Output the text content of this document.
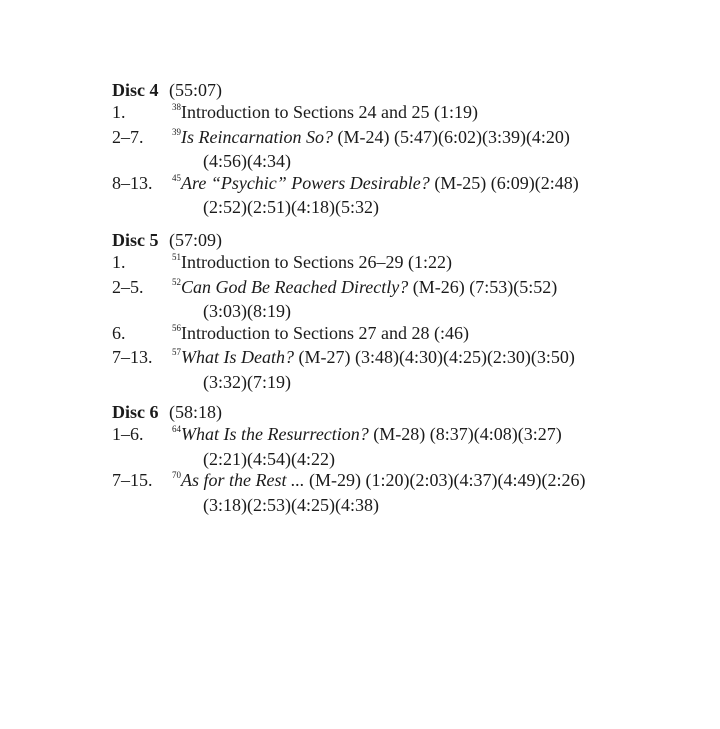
Disc 4 (55:07)
1.	$^{38}$Introduction to Sections 24 and 25 (1:19)
2–7.	$^{39}$Is Reincarnation So? (M-24) (5:47)(6:02)(3:39)(4:20)
(4:56)(4:34)
8–13. $^{45}$Are “Psychic” Powers Desirable? (M-25) (6:09)(2:48)
(2:52)(2:51)(4:18)(5:32)
Disc 5 (57:09)
1.	$^{51}$Introduction to Sections 26–29 (1:22)
2–5.	$^{52}$Can God Be Reached Directly? (M-26) (7:53)(5:52)
(3:03)(8:19)
6.	$^{56}$Introduction to Sections 27 and 28 (:46)
7–13. $^{57}$What Is Death? (M-27) (3:48)(4:30)(4:25)(2:30)(3:50)
(3:32)(7:19)
Disc 6 (58:18)
1–6.	$^{64}$What Is the Resurrection? (M-28) (8:37)(4:08)(3:27)
(2:21)(4:54)(4:22)
7–15. $^{70}$As for the Rest ... (M-29) (1:20)(2:03)(4:37)(4:49)(2:26)
(3:18)(2:53)(4:25)(4:38)
